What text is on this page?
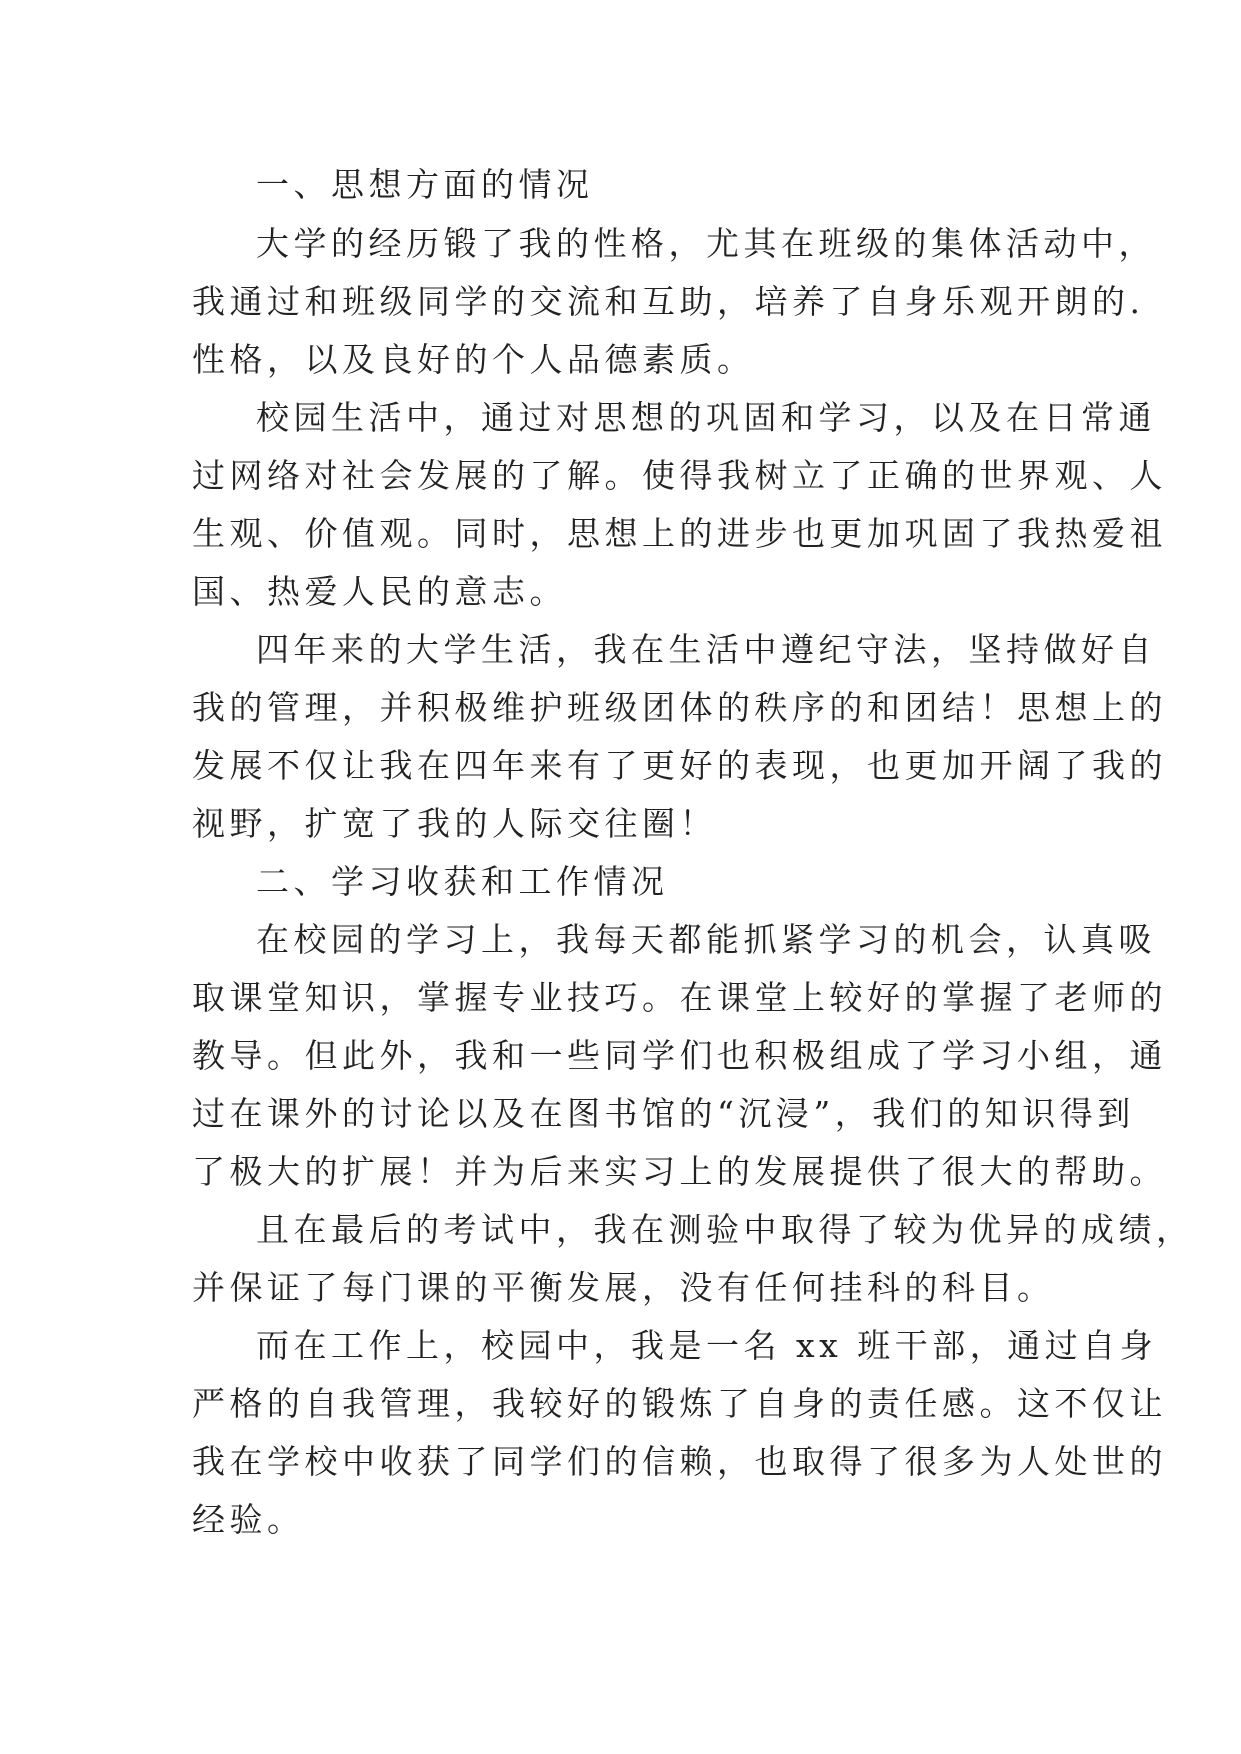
一、思想方面的情况

大学的经历锻了我的性格，尤其在班级的集体活动中，

我通过和班级同学的交流和互助，培养了自身乐观开朗的.

性格，以及良好的个人品德素质。

校园生活中，通过对思想的巩固和学习，以及在日常通

过网络对社会发展的了解。使得我树立了正确的世界观、人

生观、价值观。同时，思想上的进步也更加巩固了我热爱祖

国、热爱人民的意志。

四年来的大学生活，我在生活中遵纪守法，坚持做好自

我的管理，并积极维护班级团体的秩序的和团结！思想上的

发展不仅让我在四年来有了更好的表现，也更加开阔了我的

视野，扩宽了我的人际交往圈！

二、学习收获和工作情况

在校园的学习上，我每天都能抓紧学习的机会，认真吸

取课堂知识，掌握专业技巧。在课堂上较好的掌握了老师的

教导。但此外，我和一些同学们也积极组成了学习小组，通

过在课外的讨论以及在图书馆的“沉浸”，我们的知识得到

了极大的扩展！并为后来实习上的发展提供了很大的帮助。

且在最后的考试中，我在测验中取得了较为优异的成绩，

并保证了每门课的平衡发展，没有任何挂科的科目。

而在工作上，校园中，我是一名 xx 班干部，通过自身

严格的自我管理，我较好的锻炼了自身的责任感。这不仅让

我在学校中收获了同学们的信赖，也取得了很多为人处世的

经验。
